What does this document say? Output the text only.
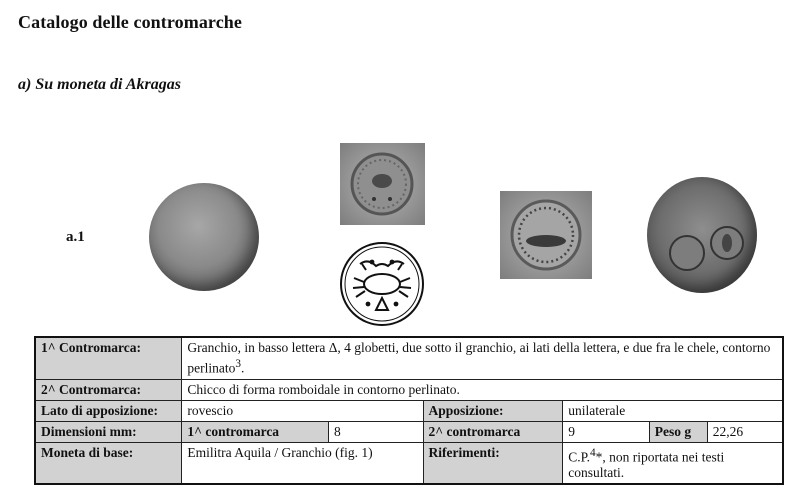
Catalogo delle contromarche
a) Su moneta di Akragas
a.1
1^ Contromarca:	Granchio, in basso lettera Δ, 4 globetti, due sotto il granchio, ai lati della lettera, e due fra le chele, contorno perlinato$^3$.					
2^ Contromarca:	Chicco di forma romboidale in contorno perlinato.					
Lato di apposizione:	rovescio		Apposizione:	unilaterale		
Dimensioni mm:	1^ contromarca	8	2^ contromarca	9	Peso g	22,26
Moneta di base:	Emilitra Aquila / Granchio (fig. 1)		Riferimenti:	C.P.$^4$*, non riportata nei testi consultati.		
